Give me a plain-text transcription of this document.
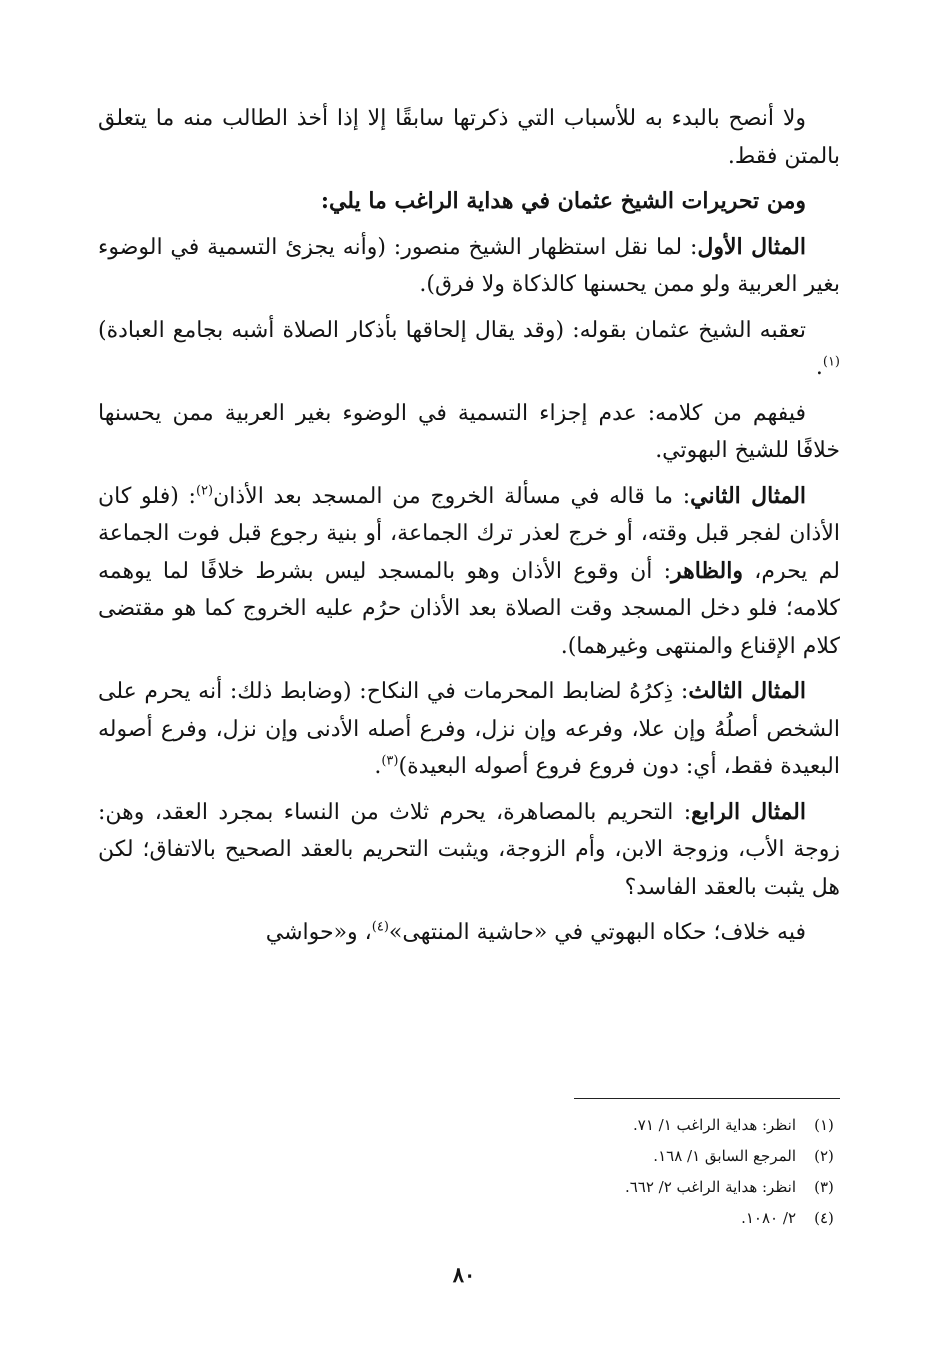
ولا أنصح بالبدء به للأسباب التي ذكرتها سابقًا إلا إذا أخذ الطالب منه ما يتعلق بالمتن فقط.

ومن تحريرات الشيخ عثمان في هداية الراغب ما يلي:

المثال الأول: لما نقل استظهار الشيخ منصور: (وأنه يجزئ التسمية في الوضوء بغير العربية ولو ممن يحسنها كالذكاة ولا فرق).

تعقبه الشيخ عثمان بقوله: (وقد يقال إلحاقها بأذكار الصلاة أشبه بجامع العبادة)$^{(١)}$.

فيفهم من كلامه: عدم إجزاء التسمية في الوضوء بغير العربية ممن يحسنها خلافًا للشيخ البهوتي.

المثال الثاني: ما قاله في مسألة الخروج من المسجد بعد الأذان$^{(٢)}$: (فلو كان الأذان لفجر قبل وقته، أو خرج لعذر ترك الجماعة، أو بنية رجوع قبل فوت الجماعة لم يحرم، والظاهر: أن وقوع الأذان وهو بالمسجد ليس بشرط خلافًا لما يوهمه كلامه؛ فلو دخل المسجد وقت الصلاة بعد الأذان حرُم عليه الخروج كما هو مقتضى كلام الإقناع والمنتهى وغيرهما).

المثال الثالث: ذِكرُهُ لضابط المحرمات في النكاح: (وضابط ذلك: أنه يحرم على الشخص أصلُهُ وإن علا، وفرعه وإن نزل، وفرع أصله الأدنى وإن نزل، وفرع أصوله البعيدة فقط، أي: دون فروع فروع أصوله البعيدة)$^{(٣)}$.

المثال الرابع: التحريم بالمصاهرة، يحرم ثلاث من النساء بمجرد العقد، وهن: زوجة الأب، وزوجة الابن، وأم الزوجة، ويثبت التحريم بالعقد الصحيح بالاتفاق؛ لكن هل يثبت بالعقد الفاسد؟

فيه خلاف؛ حكاه البهوتي في «حاشية المنتهى»$^{(٤)}$، و«حواشي

(١)
انظر: هداية الراغب ١/ ٧١.
(٢)
المرجع السابق ١/ ١٦٨.
(٣)
انظر: هداية الراغب ٢/ ٦٦٢.
(٤)
٢/ ١٠٨٠.
٨٠
